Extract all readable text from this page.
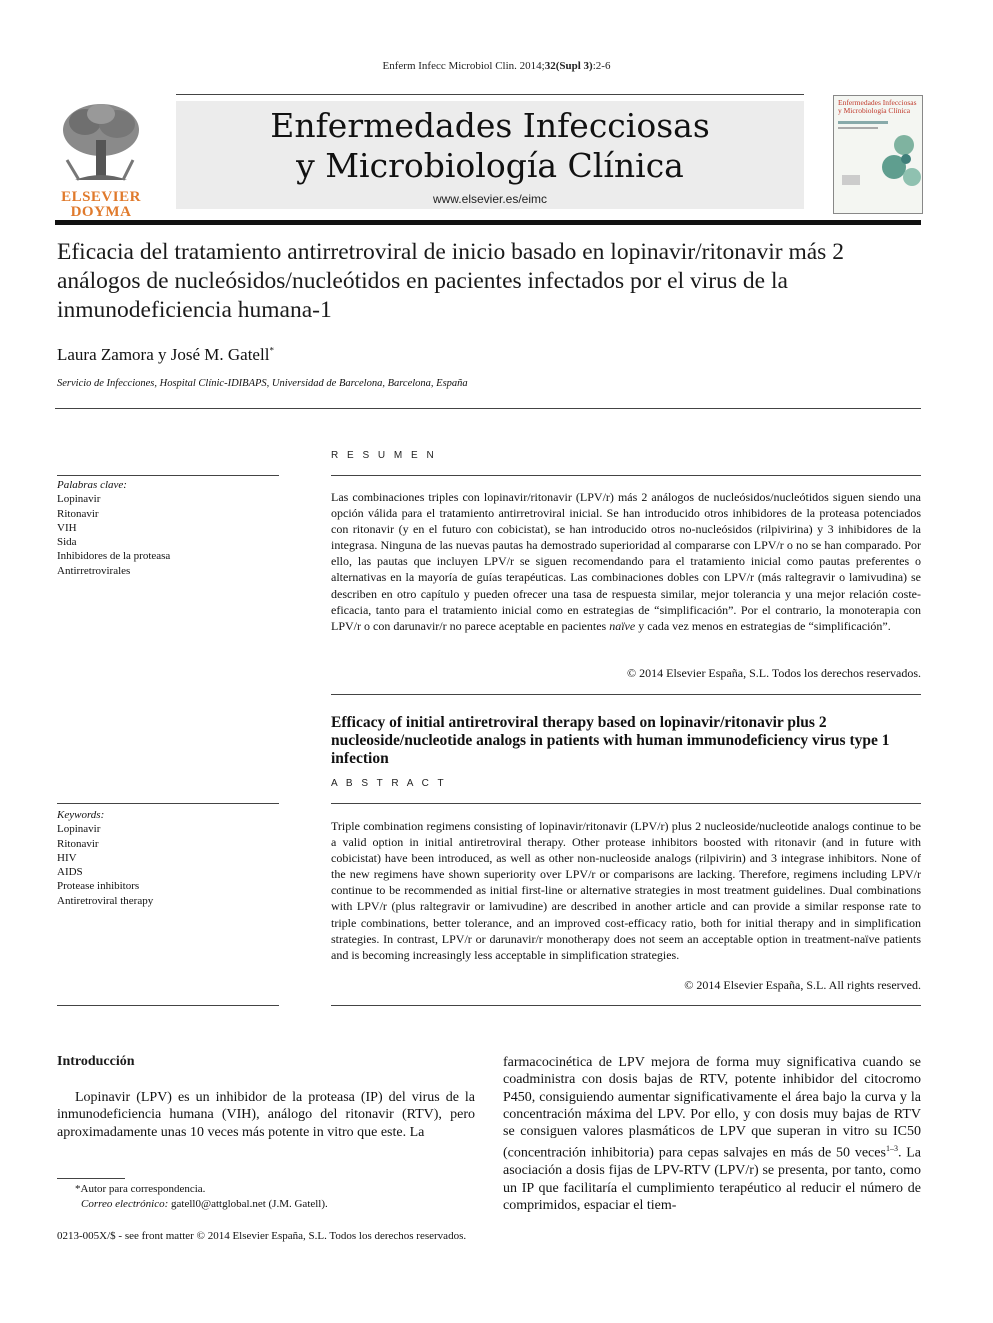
Enferm Infecc Microbiol Clin. 2014;32(Supl 3):2-6
ELSEVIER
DOYMA
Enfermedades Infecciosas
y Microbiología Clínica
www.elsevier.es/eimc
Enfermedades Infecciosas y Microbiología Clínica
Eficacia del tratamiento antirretroviral de inicio basado en lopinavir/ritonavir más 2 análogos de nucleósidos/nucleótidos en pacientes infectados por el virus de la inmunodeficiencia humana-1
Laura Zamora y José M. Gatell*
Servicio de Infecciones, Hospital Clínic-IDIBAPS, Universidad de Barcelona, Barcelona, España
R E S U M E N
Palabras clave:
Lopinavir
Ritonavir
VIH
Sida
Inhibidores de la proteasa
Antirretrovirales
Las combinaciones triples con lopinavir/ritonavir (LPV/r) más 2 análogos de nucleósidos/nucleótidos siguen siendo una opción válida para el tratamiento antirretroviral inicial. Se han introducido otros inhibidores de la proteasa potenciados con ritonavir (y en el futuro con cobicistat), se han introducido otros no-nucleósidos (rilpivirina) y 3 inhibidores de la integrasa. Ninguna de las nuevas pautas ha demostrado superioridad al compararse con LPV/r o no se han comparado. Por ello, las pautas que incluyen LPV/r se siguen recomendando para el tratamiento inicial como pautas preferentes o alternativas en la mayoría de guías terapéuticas. Las combinaciones dobles con LPV/r (más raltegravir o lamivudina) se describen en otro capítulo y pueden ofrecer una tasa de respuesta similar, mejor tolerancia y una mejor relación coste-eficacia, tanto para el tratamiento inicial como en estrategias de “simplificación”. Por el contrario, la monoterapia con LPV/r o con darunavir/r no parece aceptable en pacientes naïve y cada vez menos en estrategias de “simplificación”.
© 2014 Elsevier España, S.L. Todos los derechos reservados.
Efficacy of initial antiretroviral therapy based on lopinavir/ritonavir plus 2 nucleoside/nucleotide analogs in patients with human immunodeficiency virus type 1 infection
A B S T R A C T
Keywords:
Lopinavir
Ritonavir
HIV
AIDS
Protease inhibitors
Antiretroviral therapy
Triple combination regimens consisting of lopinavir/ritonavir (LPV/r) plus 2 nucleoside/nucleotide analogs continue to be a valid option in initial antiretroviral therapy. Other protease inhibitors boosted with ritonavir (and in future with cobicistat) have been introduced, as well as other non-nucleoside analogs (rilpivirin) and 3 integrase inhibitors. None of the new regimens have shown superiority over LPV/r or comparisons are lacking. Therefore, regimens including LPV/r continue to be recommended as initial first-line or alternative strategies in most treatment guidelines. Dual combinations with LPV/r (plus raltegravir or lamivudine) are described in another article and can provide a similar response rate to triple combinations, better tolerance, and an improved cost-efficacy ratio, both for initial therapy and in simplification strategies. In contrast, LPV/r or darunavir/r monotherapy does not seem an acceptable option in treatment-naïve patients and is becoming increasingly less acceptable in simplification strategies.
© 2014 Elsevier España, S.L. All rights reserved.
Introducción
Lopinavir (LPV) es un inhibidor de la proteasa (IP) del virus de la inmunodeficiencia humana (VIH), análogo del ritonavir (RTV), pero aproximadamente unas 10 veces más potente in vitro que este. La
farmacocinética de LPV mejora de forma muy significativa cuando se coadministra con dosis bajas de RTV, potente inhibidor del citocromo P450, consiguiendo aumentar significativamente el área bajo la curva y la concentración máxima del LPV. Por ello, y con dosis muy bajas de RTV se consiguen valores plasmáticos de LPV que superan in vitro su IC50 (concentración inhibitoria) para cepas salvajes en más de 50 veces$^{1-3}$. La asociación a dosis fijas de LPV-RTV (LPV/r) se presenta, por tanto, como un IP que facilitaría el cumplimiento terapéutico al reducir el número de comprimidos, espaciar el tiem-
*Autor para correspondencia.
Correo electrónico: gatell0@attglobal.net (J.M. Gatell).
0213-005X/$ - see front matter © 2014 Elsevier España, S.L. Todos los derechos reservados.
